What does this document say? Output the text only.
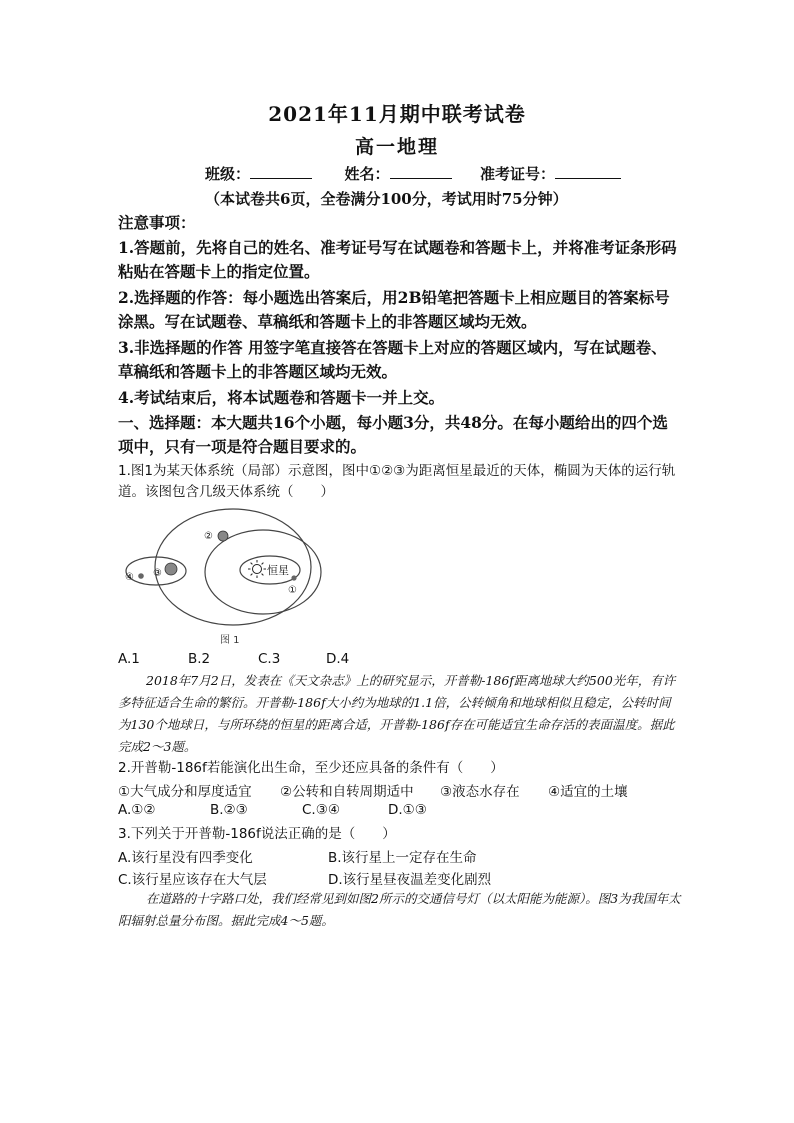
2021年11月期中联考试卷
高一地理
班级：	姓名：	准考证号：
（本试卷共6页，全卷满分100分，考试用时75分钟）
注意事项：
1.答题前，先将自己的姓名、准考证号写在试题卷和答题卡上，并将准考证条形码粘贴在答题卡上的指定位置。
2.选择题的作答：每小题选出答案后，用2B铅笔把答题卡上相应题目的答案标号涂黑。写在试题卷、草稿纸和答题卡上的非答题区域均无效。
3.非选择题的作答 用签字笔直接答在答题卡上对应的答题区域内，写在试题卷、草稿纸和答题卡上的非答题区域均无效。
4.考试结束后，将本试题卷和答题卡一并上交。
一、选择题：本大题共16个小题，每小题3分，共48分。在每小题给出的四个选项中，只有一项是符合题目要求的。
1.图1为某天体系统（局部）示意图，图中①②③为距离恒星最近的天体，椭圆为天体的运行轨道。该图包含几级天体系统（　　）
恒星
①
②
③
④
图 1
A.1	B.2	C.3	D.4
2018年7月2日，发表在《天文杂志》上的研究显示，开普勒-186f距离地球大约500光年，有许多特征适合生命的繁衍。开普勒-186f大小约为地球的1.1倍，公转倾角和地球相似且稳定，公转时间为130个地球日，与所环绕的恒星的距离合适，开普勒-186f存在可能适宜生命存活的表面温度。据此完成2～3题。
2.开普勒-186f若能演化出生命，至少还应具备的条件有（　　）
①大气成分和厚度适宜 ②公转和自转周期适中 ③液态水存在 ④适宜的土壤
A.①②	B.②③	C.③④	D.①③
3.下列关于开普勒-186f说法正确的是（　　）
A.该行星没有四季变化	B.该行星上一定存在生命
C.该行星应该存在大气层	D.该行星昼夜温差变化剧烈
在道路的十字路口处，我们经常见到如图2所示的交通信号灯（以太阳能为能源）。图3为我国年太阳辐射总量分布图。据此完成4～5题。
